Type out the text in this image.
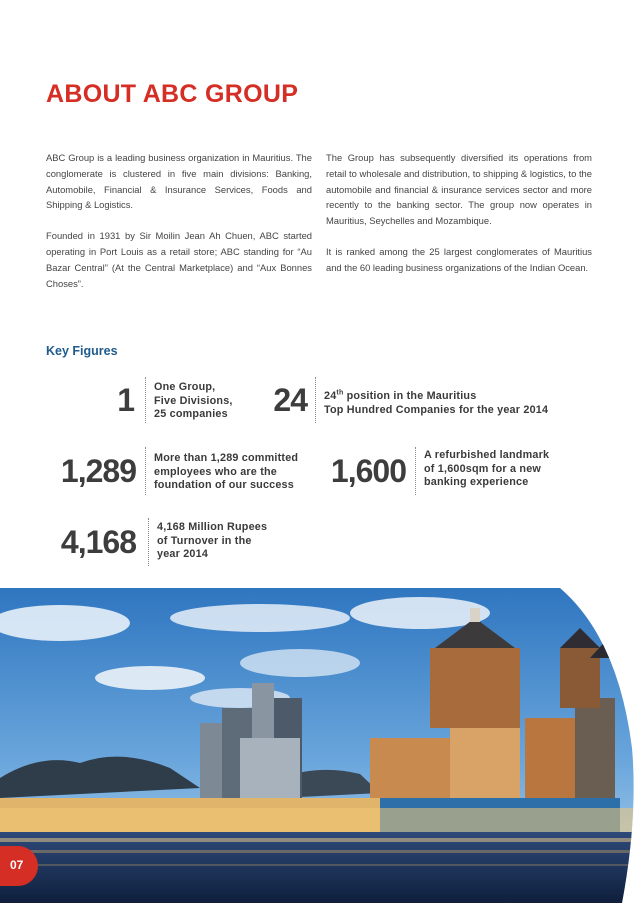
ABOUT ABC GROUP

ABC Group is a leading business organization in Mauritius. The conglomerate is clustered in five main divisions: Banking, Automobile, Financial & Insurance Services, Foods and Shipping & Logistics.

Founded in 1931 by Sir Moilin Jean Ah Chuen, ABC started operating in Port Louis as a retail store; ABC standing for “Au Bazar Central” (At the Central Marketplace) and “Aux Bonnes Choses”.

The Group has subsequently diversified its operations from retail to wholesale and distribution, to shipping & logistics, to the automobile and financial & insurance services sector and more recently to the banking sector. The group now operates in Mauritius, Seychelles and Mozambique.

It is ranked among the 25 largest conglomerates of Mauritius and the 60 leading business organizations of the Indian Ocean.

Key Figures
1 One Group,
Five Divisions,
25 companies	24 24th position in the Mauritius
Top Hundred Companies for the year 2014
1,289 More than 1,289 committed
employees who are the
foundation of our success	1,600 A refurbished landmark
of 1,600sqm for a new
banking experience
4,168 4,168 Million Rupees
of Turnover in the
year 2014
07
